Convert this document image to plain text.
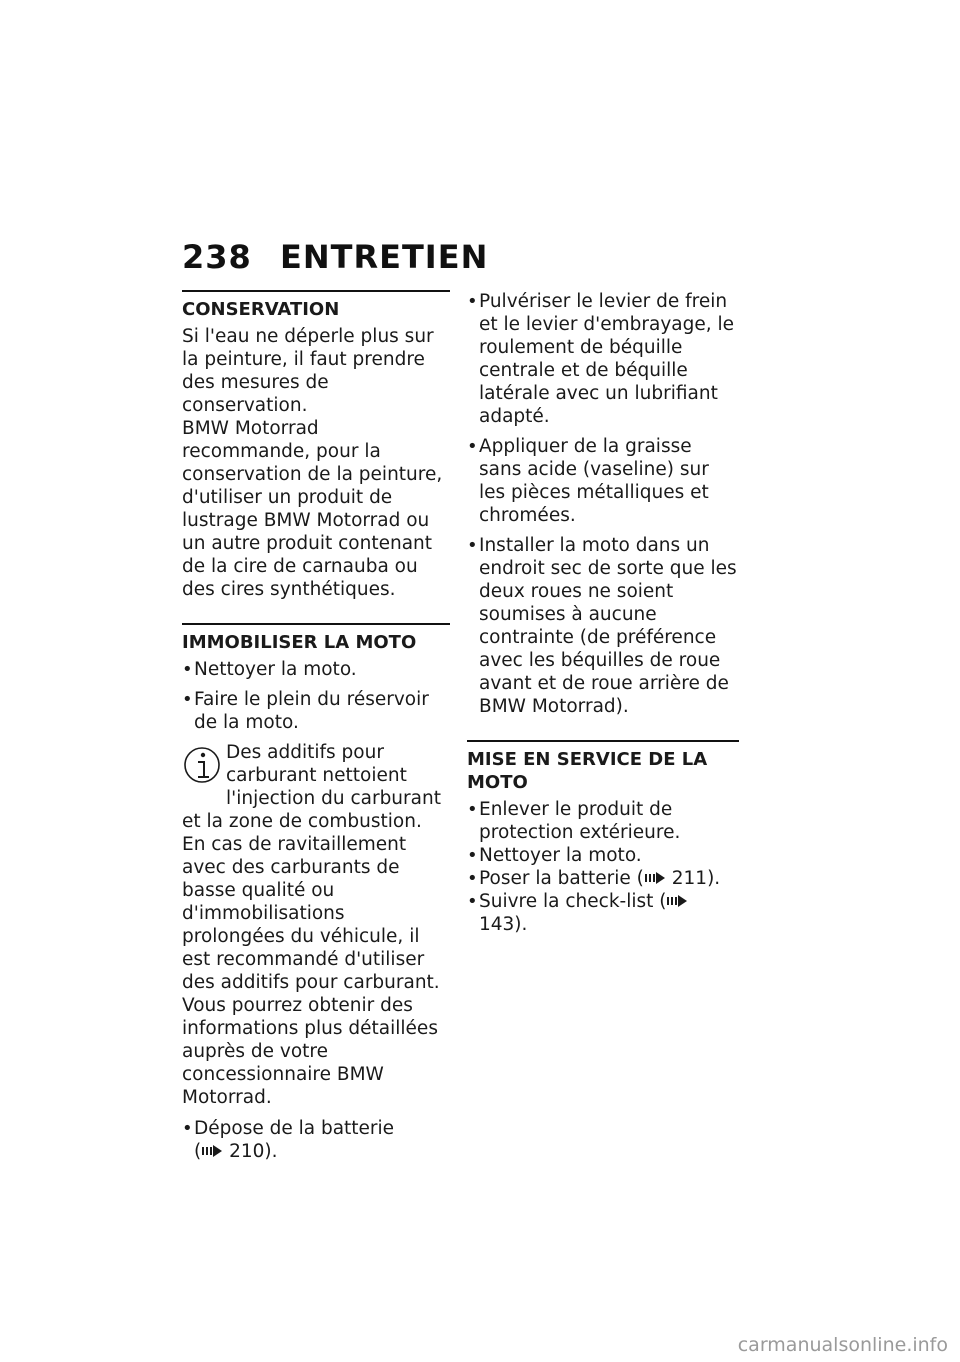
238 ENTRETIEN
CONSERVATION

Si l'eau ne déperle plus sur la peinture, il faut prendre des mesures de conservation.

BMW Motorrad recommande, pour la conservation de la peinture, d'utiliser un produit de lustrage BMW Motorrad ou un autre produit contenant de la cire de carnauba ou des cires synthétiques.

IMMOBILISER LA MOTO
• Nettoyer la moto.
• Faire le plein du réservoir de la moto.
Des additifs pour carburant nettoient l'injection du carburant et la zone de combustion. En cas de ravitaillement avec des carburants de basse qualité ou d'immobilisations prolongées du véhicule, il est recommandé d'utiliser des additifs pour carburant. Vous pourrez obtenir des informations plus détaillées auprès de votre concessionnaire BMW Motorrad.
• Dépose de la batterie
( 210).
• Pulvériser le levier de frein et le levier d'embrayage, le roulement de béquille centrale et de béquille latérale avec un lubrifiant adapté.
• Appliquer de la graisse sans acide (vaseline) sur les pièces métalliques et chromées.
• Installer la moto dans un endroit sec de sorte que les deux roues ne soient soumises à aucune contrainte (de préférence avec les béquilles de roue avant et de roue arrière de BMW Motorrad).
MISE EN SERVICE DE LA MOTO
• Enlever le produit de protection extérieure.
• Nettoyer la moto.
• Poser la batterie ( 211).
• Suivre la check-list ( 143).
carmanualsonline.info
